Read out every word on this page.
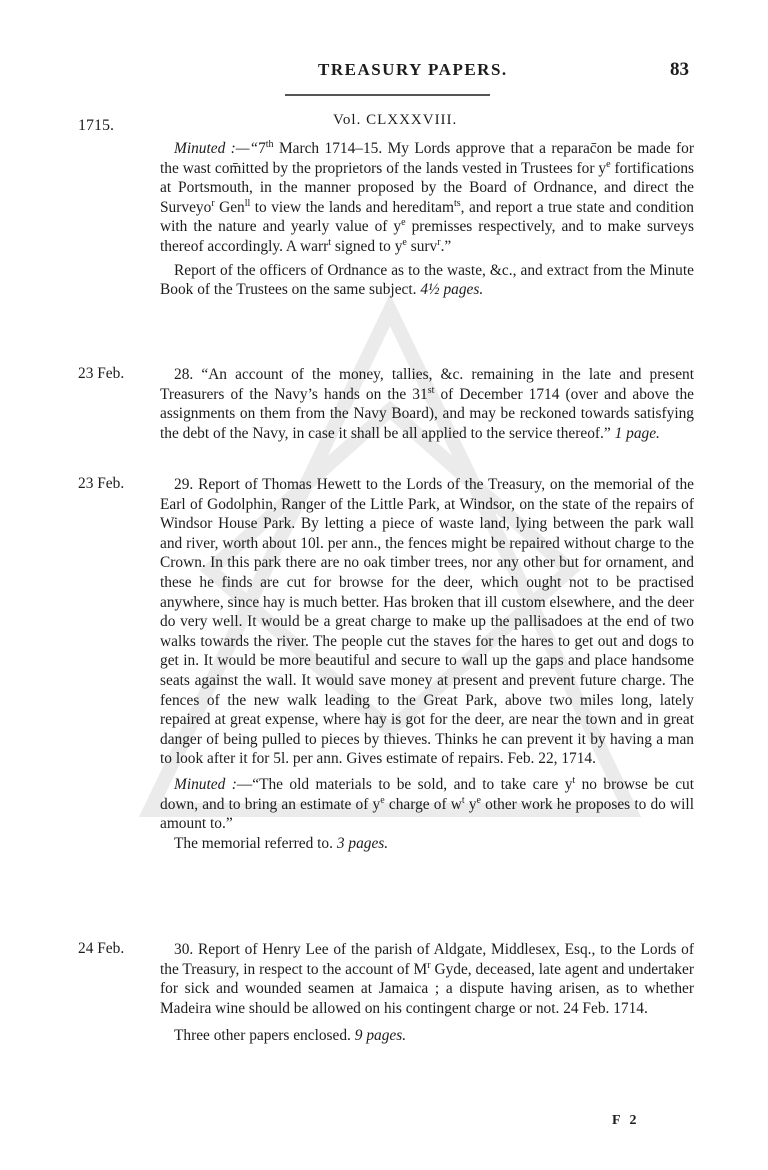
TREASURY PAPERS.	83
1715.	Vol. CLXXXVIII.

Minuted :—“7th March 1714–15. My Lords approve that a reparac̄on be made for the wast com̄itted by the proprietors of the lands vested in Trustees for $y^e$ fortifications at Portsmouth, in the manner proposed by the Board of Ordnance, and direct the Surveyo$^r$ Gen$^{ll}$ to view the lands and hereditam$^{ts}$, and report a true state and condition with the nature and yearly value of $y^e$ premisses respectively, and to make surveys thereof accordingly. A warr$^t$ signed to $y^e$ surv$^r$.”

Report of the officers of Ordnance as to the waste, &c., and extract from the Minute Book of the Trustees on the same subject. 4½ pages.

23 Feb.	28. “An account of the money, tallies, &c. remaining in the late and present Treasurers of the Navy’s hands on the 31st of December 1714 (over and above the assignments on them from the Navy Board), and may be reckoned towards satisfying the debt of the Navy, in case it shall be all applied to the service thereof.” 1 page.

23 Feb.	29. Report of Thomas Hewett to the Lords of the Treasury, on the memorial of the Earl of Godolphin, Ranger of the Little Park, at Windsor, on the state of the repairs of Windsor House Park. By letting a piece of waste land, lying between the park wall and river, worth about 10l. per ann., the fences might be repaired without charge to the Crown. In this park there are no oak timber trees, nor any other but for ornament, and these he finds are cut for browse for the deer, which ought not to be practised anywhere, since hay is much better. Has broken that ill custom elsewhere, and the deer do very well. It would be a great charge to make up the pallisadoes at the end of two walks towards the river. The people cut the staves for the hares to get out and dogs to get in. It would be more beautiful and secure to wall up the gaps and place handsome seats against the wall. It would save money at present and prevent future charge. The fences of the new walk leading to the Great Park, above two miles long, lately repaired at great expense, where hay is got for the deer, are near the town and in great danger of being pulled to pieces by thieves. Thinks he can prevent it by having a man to look after it for 5l. per ann. Gives estimate of repairs. Feb. 22, 1714.

Minuted :—“The old materials to be sold, and to take care $y^t$ no browse be cut down, and to bring an estimate of $y^e$ charge of $w^t$ $y^e$ other work he proposes to do will amount to.”

The memorial referred to. 3 pages.

24 Feb.	30. Report of Henry Lee of the parish of Aldgate, Middlesex, Esq., to the Lords of the Treasury, in respect to the account of $M^r$ Gyde, deceased, late agent and undertaker for sick and wounded seamen at Jamaica ; a dispute having arisen, as to whether Madeira wine should be allowed on his contingent charge or not. 24 Feb. 1714.

Three other papers enclosed. 9 pages.

F 2
